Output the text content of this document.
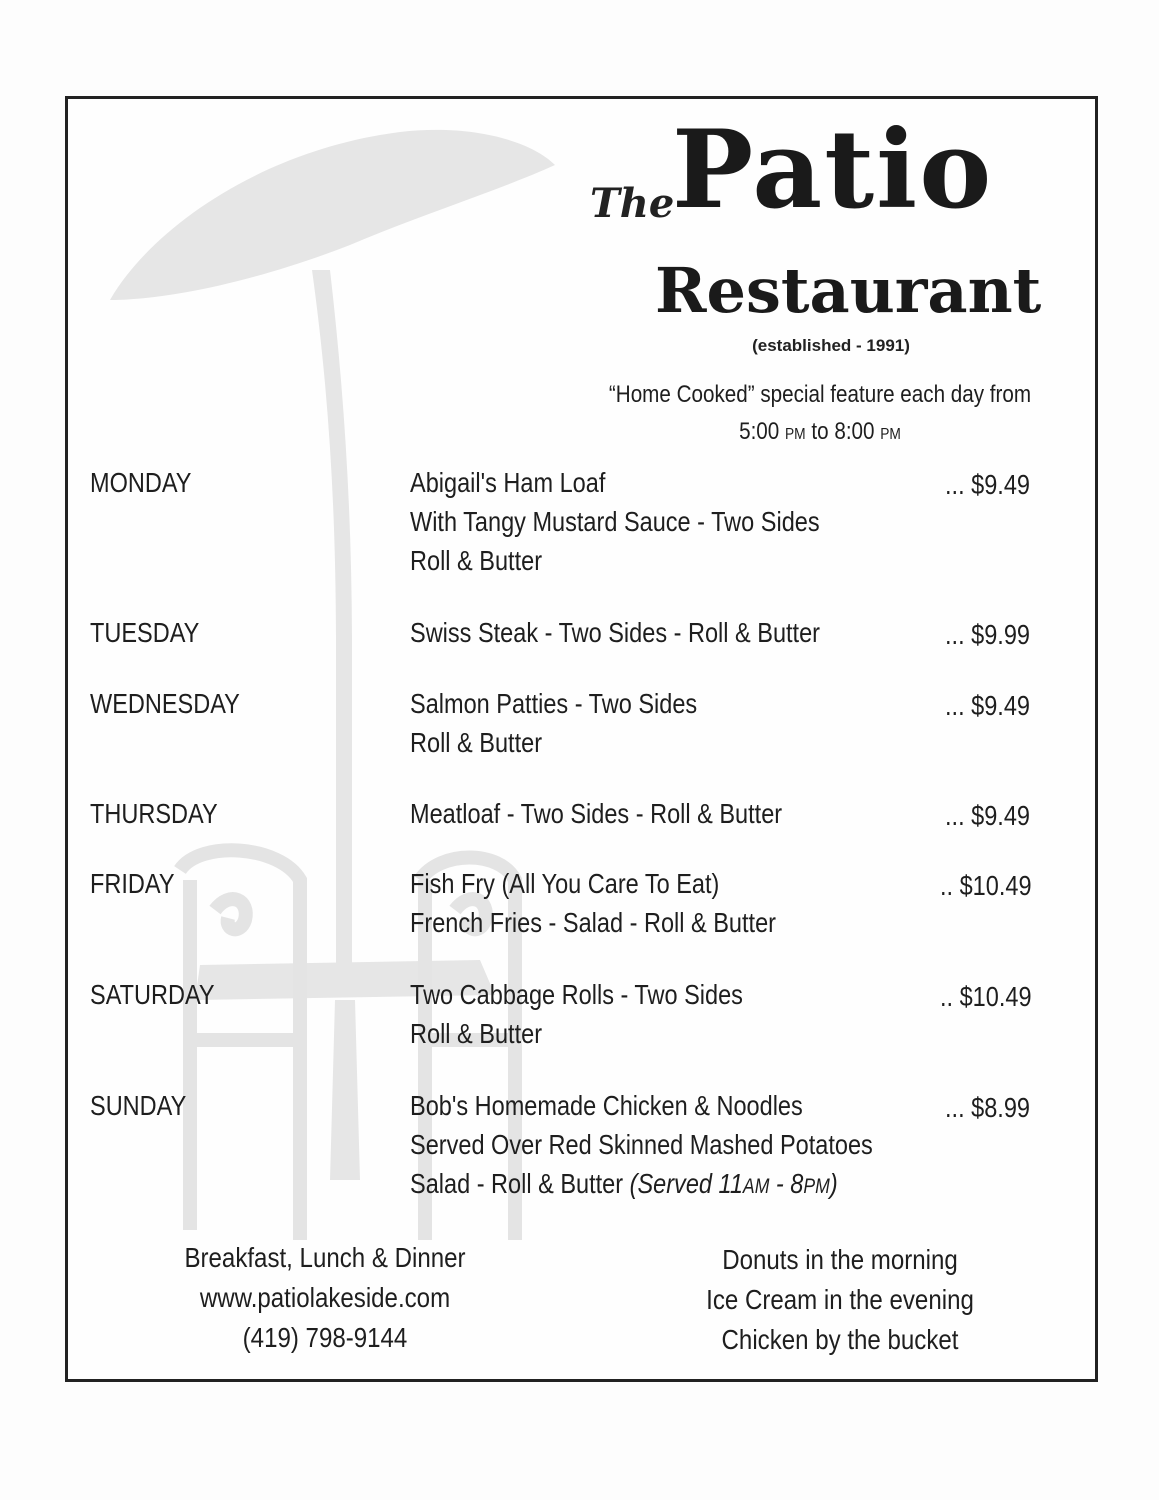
The
Patio
Restaurant
(established - 1991)
“Home Cooked” special feature each day from
5:00 PM to 8:00 PM
MONDAY	Abigail's Ham Loaf
With Tangy Mustard Sauce - Two Sides
Roll & Butter
... $9.49
TUESDAY	Swiss Steak - Two Sides - Roll & Butter	... $9.99
WEDNESDAY	Salmon Patties - Two Sides
Roll & Butter
... $9.49
THURSDAY	Meatloaf - Two Sides - Roll & Butter	... $9.49
FRIDAY	Fish Fry (All You Care To Eat)
French Fries - Salad - Roll & Butter
.. $10.49
SATURDAY	Two Cabbage Rolls - Two Sides
Roll & Butter
.. $10.49
SUNDAY	Bob's Homemade Chicken & Noodles
Served Over Red Skinned Mashed Potatoes
Salad - Roll & Butter (Served 11AM - 8PM)
... $8.99
Breakfast, Lunch & Dinner
www.patiolakeside.com
(419) 798-9144
Donuts in the morning
Ice Cream in the evening
Chicken by the bucket
